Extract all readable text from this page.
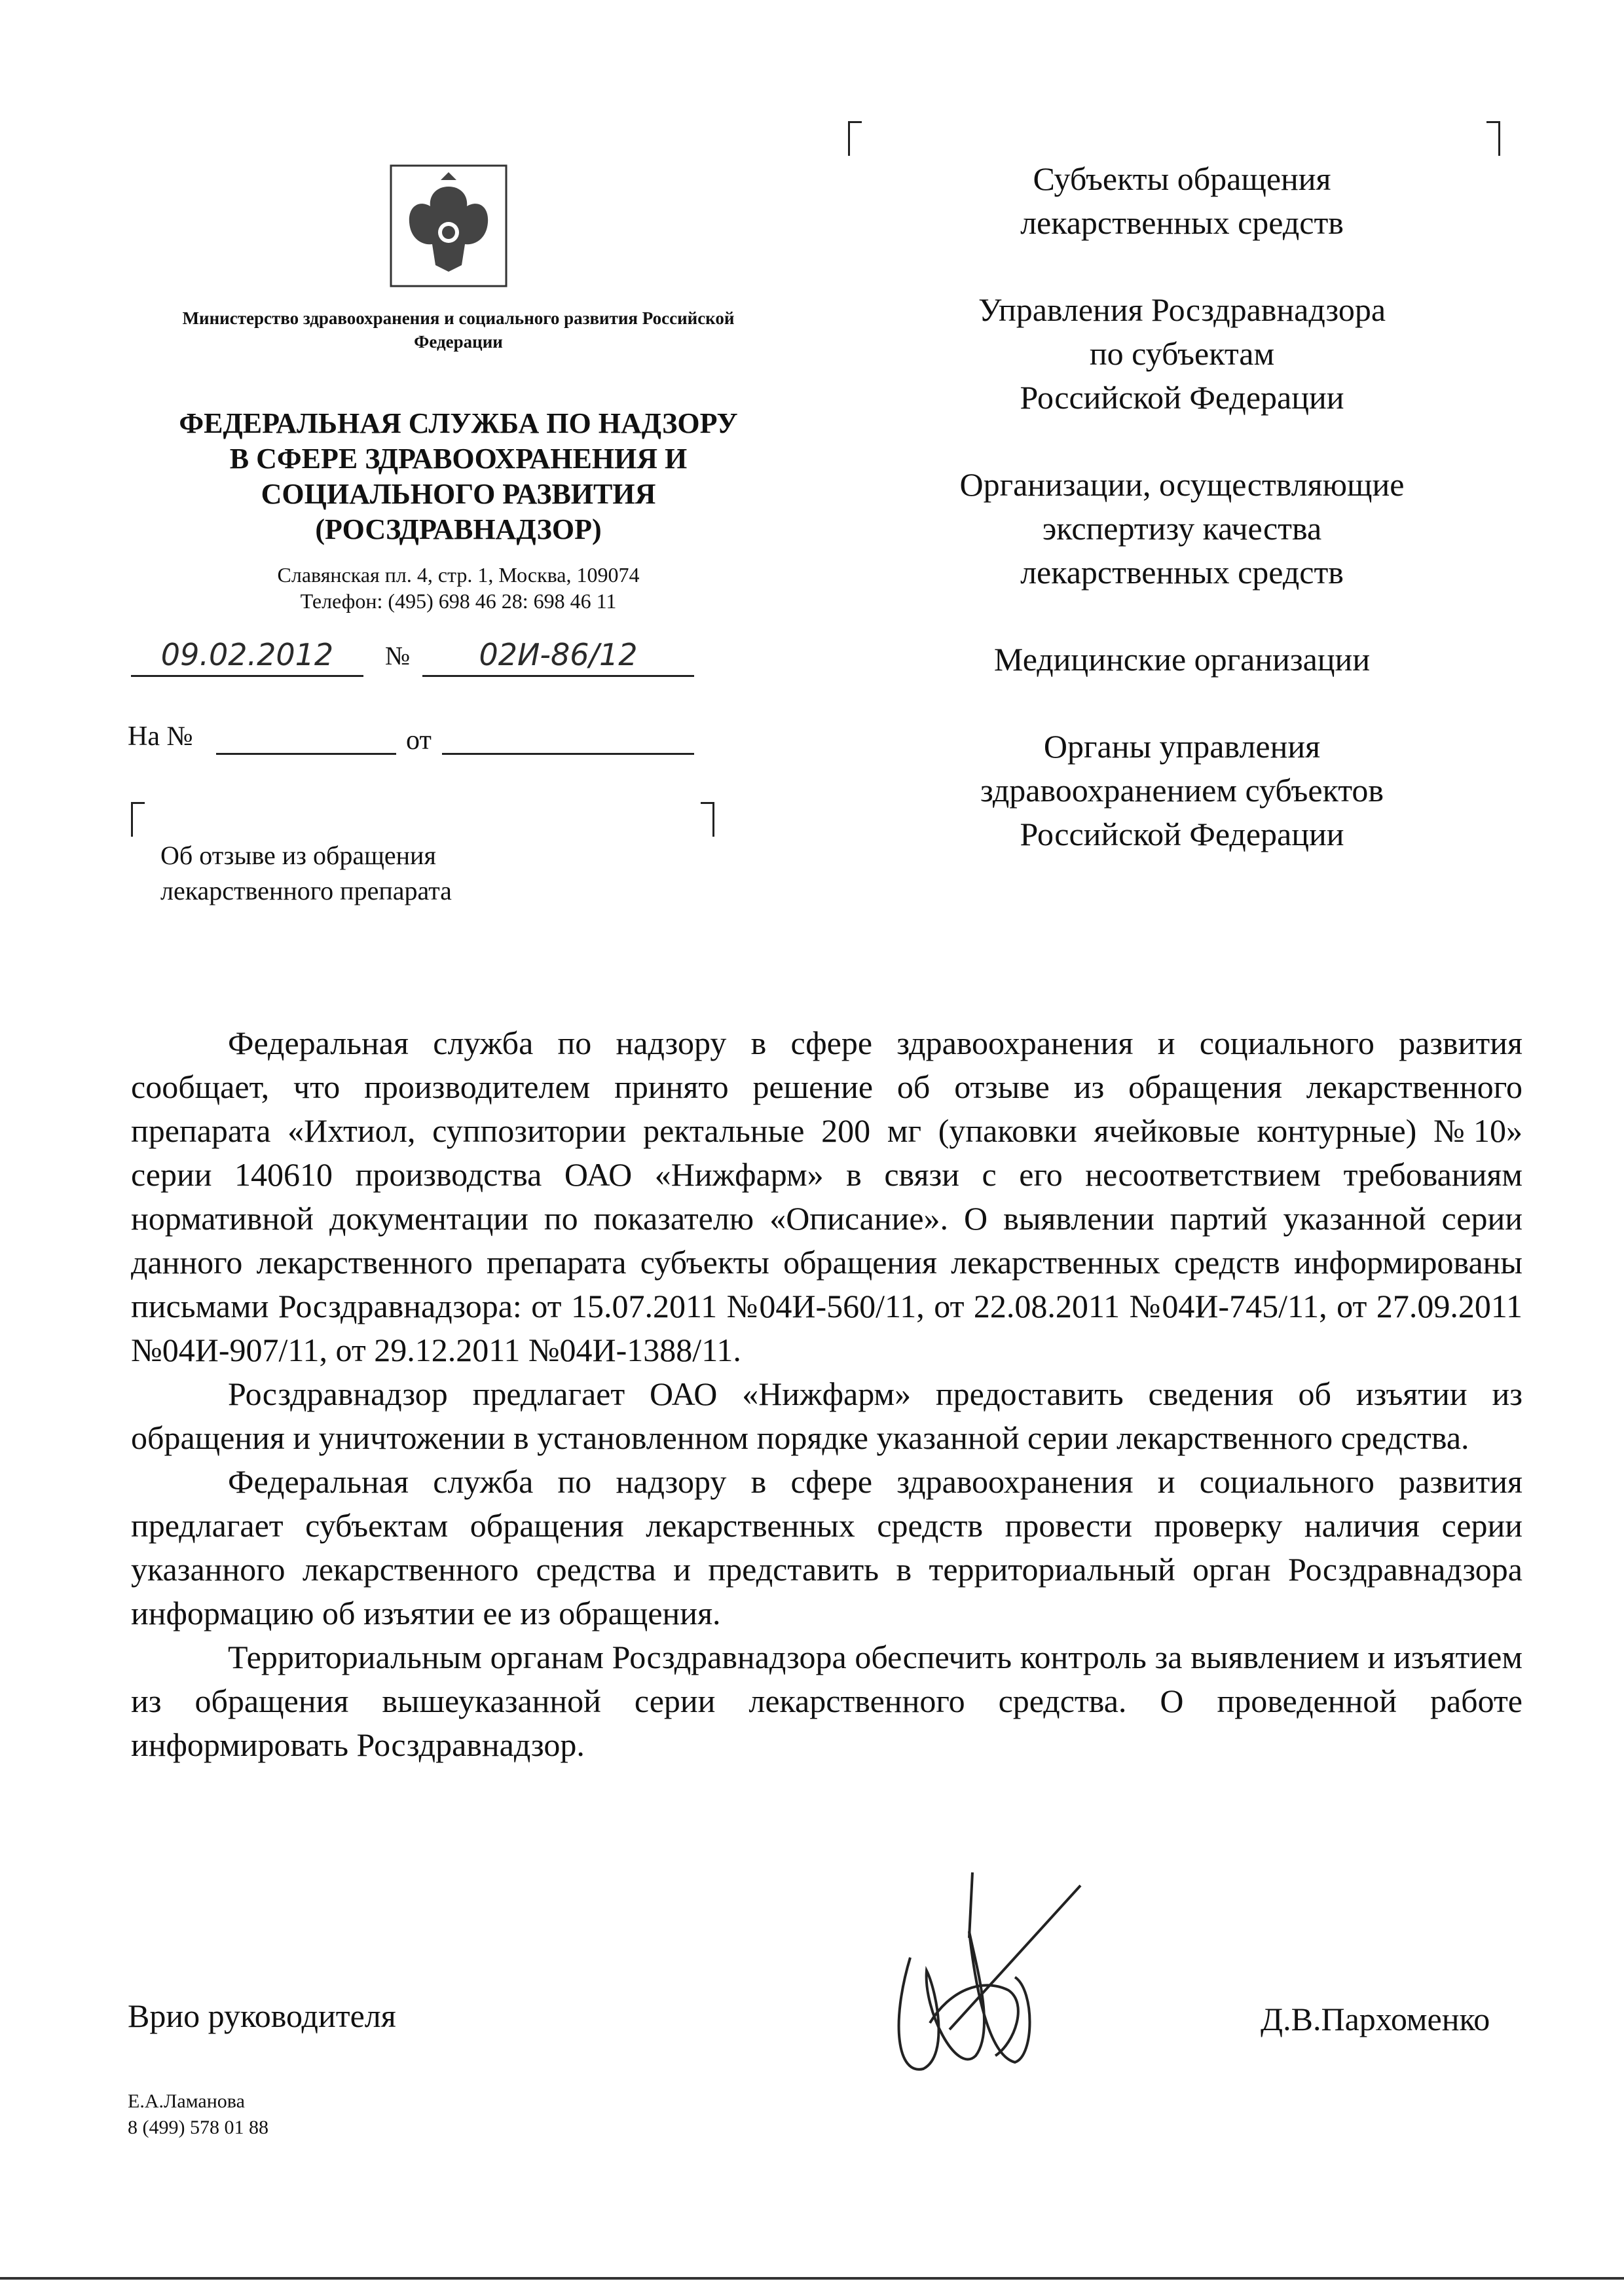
Министерство здравоохранения и социального развития Российской Федерации
ФЕДЕРАЛЬНАЯ СЛУЖБА ПО НАДЗОРУ
В СФЕРЕ ЗДРАВООХРАНЕНИЯ И
СОЦИАЛЬНОГО РАЗВИТИЯ
(РОСЗДРАВНАДЗОР)
Славянская пл. 4, стр. 1, Москва, 109074
Телефон: (495) 698 46 28: 698 46 11
09.02.2012	№	02И-86/12
На №	от
Об отзыве из обращения
лекарственного препарата
Субъекты обращения
лекарственных средств
Управления Росздравнадзора
по субъектам
Российской Федерации
Организации, осуществляющие
экспертизу качества
лекарственных средств
Медицинские организации
Органы управления
здравоохранением субъектов
Российской Федерации

Федеральная служба по надзору в сфере здравоохранения и социального развития сообщает, что производителем принято решение об отзыве из обращения лекарственного препарата «Ихтиол, суппозитории ректальные 200 мг (упаковки ячейковые контурные) №10» серии 140610 производства ОАО «Нижфарм» в связи с его несоответствием требованиям нормативной документации по показателю «Описание». О выявлении партий указанной серии данного лекарственного препарата субъекты обращения лекарственных средств информированы письмами Росздравнадзора: от 15.07.2011 №04И-560/11, от 22.08.2011 №04И-745/11, от 27.09.2011 №04И-907/11, от 29.12.2011 №04И-1388/11.

Росздравнадзор предлагает ОАО «Нижфарм» предоставить сведения об изъятии из обращения и уничтожении в установленном порядке указанной серии лекарственного средства.

Федеральная служба по надзору в сфере здравоохранения и социального развития предлагает субъектам обращения лекарственных средств провести проверку наличия серии указанного лекарственного средства и представить в территориальный орган Росздравнадзора информацию об изъятии ее из обращения.

Территориальным органам Росздравнадзора обеспечить контроль за выявлением и изъятием из обращения вышеуказанной серии лекарственного средства. О проведенной работе информировать Росздравнадзор.

Врио руководителя	Д.В.Пархоменко
Е.А.Ламанова
8 (499) 578 01 88
